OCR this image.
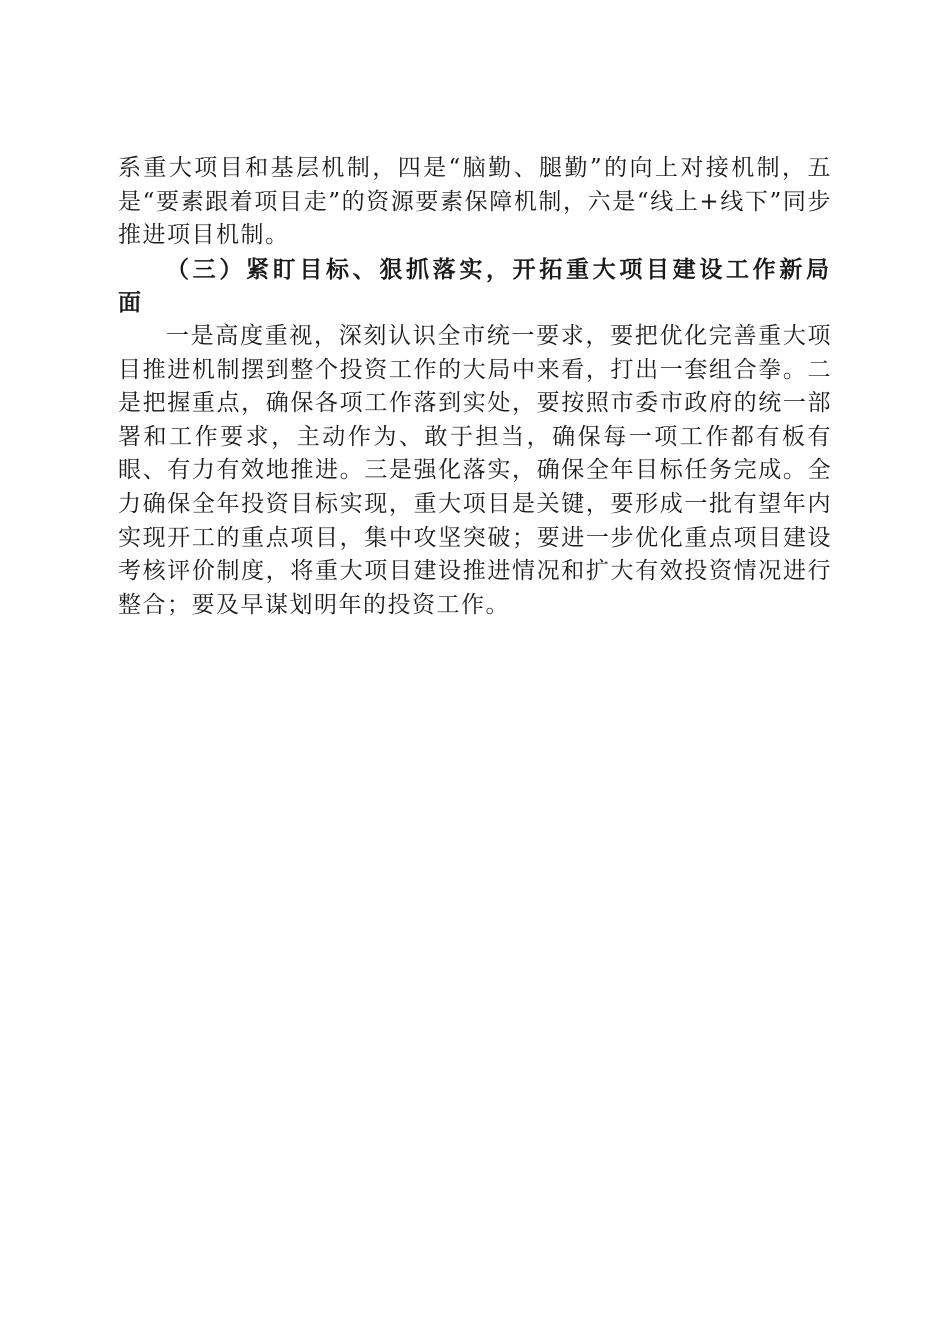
系重大项目和基层机制，四是“脑勤、腿勤”的向上对接机制，五是“要素跟着项目走”的资源要素保障机制，六是“线上+线下”同步推进项目机制。

（三）紧盯目标、狠抓落实，开拓重大项目建设工作新局面

一是高度重视，深刻认识全市统一要求，要把优化完善重大项目推进机制摆到整个投资工作的大局中来看，打出一套组合拳。二是把握重点，确保各项工作落到实处，要按照市委市政府的统一部署和工作要求，主动作为、敢于担当，确保每一项工作都有板有眼、有力有效地推进。三是强化落实，确保全年目标任务完成。全力确保全年投资目标实现，重大项目是关键，要形成一批有望年内实现开工的重点项目，集中攻坚突破；要进一步优化重点项目建设考核评价制度，将重大项目建设推进情况和扩大有效投资情况进行整合；要及早谋划明年的投资工作。
